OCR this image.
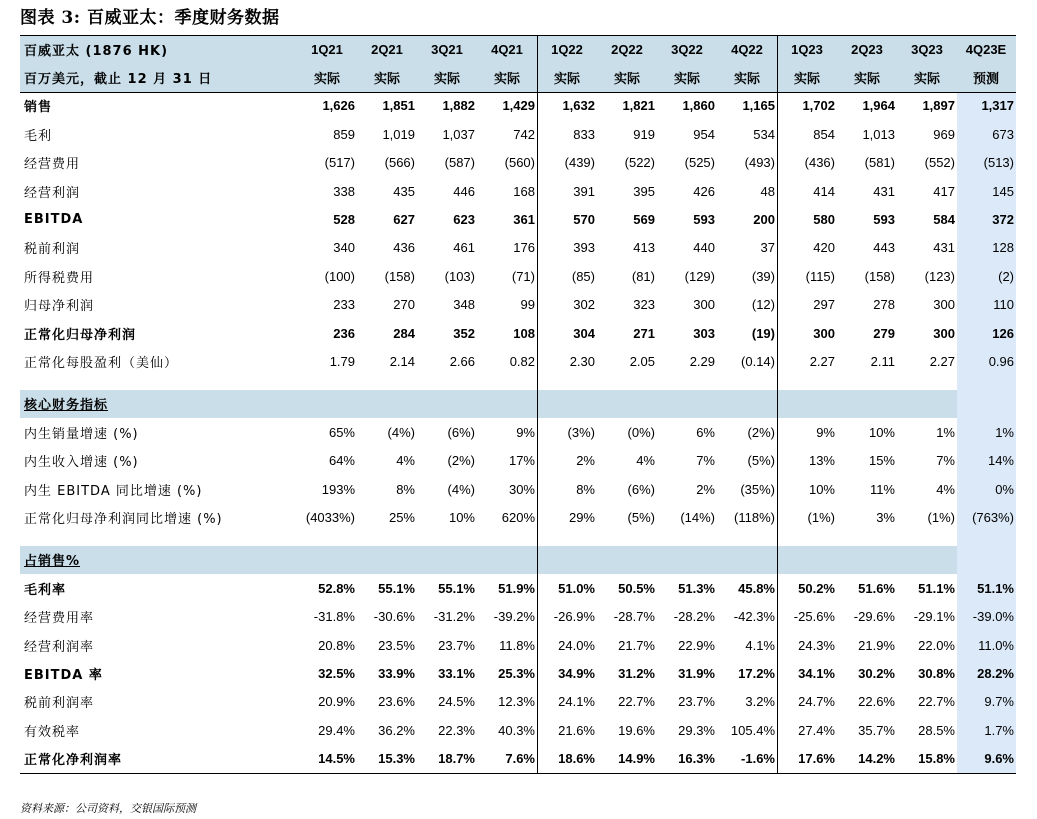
图表 3: 百威亚太：季度财务数据
百威亚太 (1876 HK)	1Q21	2Q21	3Q21	4Q21	1Q22	2Q22	3Q22	4Q22	1Q23	2Q23	3Q23	4Q23E
百万美元，截止 12 月 31 日	实际	实际	实际	实际	实际	实际	实际	实际	实际	实际	实际	预测
销售	1,626	1,851	1,882	1,429	1,632	1,821	1,860	1,165	1,702	1,964	1,897	1,317
毛利	859	1,019	1,037	742	833	919	954	534	854	1,013	969	673
经营费用	(517)	(566)	(587)	(560)	(439)	(522)	(525)	(493)	(436)	(581)	(552)	(513)
经营利润	338	435	446	168	391	395	426	48	414	431	417	145
EBITDA	528	627	623	361	570	569	593	200	580	593	584	372
税前利润	340	436	461	176	393	413	440	37	420	443	431	128
所得税费用	(100)	(158)	(103)	(71)	(85)	(81)	(129)	(39)	(115)	(158)	(123)	(2)
归母净利润	233	270	348	99	302	323	300	(12)	297	278	300	110
正常化归母净利润	236	284	352	108	304	271	303	(19)	300	279	300	126
正常化每股盈利（美仙）	1.79	2.14	2.66	0.82	2.30	2.05	2.29	(0.14)	2.27	2.11	2.27	0.96
核心财务指标
内生销量增速 (%)	65%	(4%)	(6%)	9%	(3%)	(0%)	6%	(2%)	9%	10%	1%	1%
内生收入增速 (%)	64%	4%	(2%)	17%	2%	4%	7%	(5%)	13%	15%	7%	14%
内生 EBITDA 同比增速 (%)	193%	8%	(4%)	30%	8%	(6%)	2%	(35%)	10%	11%	4%	0%
正常化归母净利润同比增速 (%)	(4033%)	25%	10%	620%	29%	(5%)	(14%)	(118%)	(1%)	3%	(1%)	(763%)
占销售%
毛利率	52.8%	55.1%	55.1%	51.9%	51.0%	50.5%	51.3%	45.8%	50.2%	51.6%	51.1%	51.1%
经营费用率	-31.8%	-30.6%	-31.2%	-39.2%	-26.9%	-28.7%	-28.2%	-42.3%	-25.6%	-29.6%	-29.1%	-39.0%
经营利润率	20.8%	23.5%	23.7%	11.8%	24.0%	21.7%	22.9%	4.1%	24.3%	21.9%	22.0%	11.0%
EBITDA 率	32.5%	33.9%	33.1%	25.3%	34.9%	31.2%	31.9%	17.2%	34.1%	30.2%	30.8%	28.2%
税前利润率	20.9%	23.6%	24.5%	12.3%	24.1%	22.7%	23.7%	3.2%	24.7%	22.6%	22.7%	9.7%
有效税率	29.4%	36.2%	22.3%	40.3%	21.6%	19.6%	29.3%	105.4%	27.4%	35.7%	28.5%	1.7%
正常化净利润率	14.5%	15.3%	18.7%	7.6%	18.6%	14.9%	16.3%	-1.6%	17.6%	14.2%	15.8%	9.6%
资料来源：公司资料，交银国际预测
